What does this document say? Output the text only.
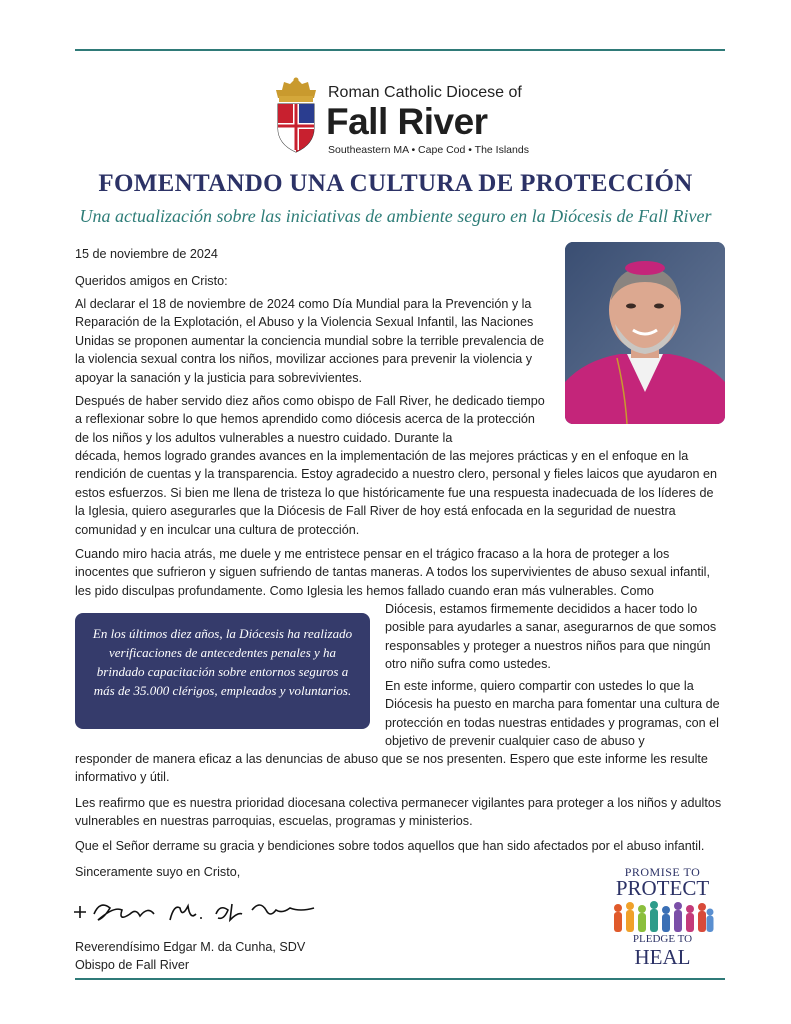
Roman Catholic Diocese of
Fall River
Southeastern MA • Cape Cod • The Islands
FOMENTANDO UNA CULTURA DE PROTECCIÓN

Una actualización sobre las iniciativas de ambiente seguro en la Diócesis de Fall River

15 de noviembre de 2024
Queridos amigos en Cristo:
Al declarar el 18 de noviembre de 2024 como Día Mundial para la Prevención y la Reparación de la Explotación, el Abuso y la Violencia Sexual Infantil, las Naciones Unidas se proponen aumentar la conciencia mundial sobre la terrible prevalencia de la violencia sexual contra los niños, movilizar acciones para prevenir la violencia y apoyar la sanación y la justicia para sobrevivientes.
Después de haber servido diez años como obispo de Fall River, he dedicado tiempo a reflexionar sobre lo que hemos aprendido como diócesis acerca de la protección de los niños y los adultos vulnerables a nuestro cuidado. Durante la
década, hemos logrado grandes avances en la implementación de las mejores prácticas y en el enfoque en la rendición de cuentas y la transparencia. Estoy agradecido a nuestro clero, personal y fieles laicos que ayudaron en estos esfuerzos. Si bien me llena de tristeza lo que históricamente fue una respuesta inadecuada de los líderes de la Iglesia, quiero asegurarles que la Diócesis de Fall River de hoy está enfocada en la seguridad de nuestra comunidad y en inculcar una cultura de protección.
Cuando miro hacia atrás, me duele y me entristece pensar en el trágico fracaso a la hora de proteger a los inocentes que sufrieron y siguen sufriendo de tantas maneras. A todos los supervivientes de abuso sexual infantil, les pido disculpas profundamente. Como Iglesia les hemos fallado cuando eran más vulnerables. Como
En los últimos diez años, la Diócesis ha realizado verificaciones de antecedentes penales y ha brindado capacitación sobre entornos seguros a más de 35.000 clérigos, empleados y voluntarios.
Diócesis, estamos firmemente decididos a hacer todo lo posible para ayudarles a sanar, asegurarnos de que somos responsables y proteger a nuestros niños para que ningún otro niño sufra como ustedes.
En este informe, quiero compartir con ustedes lo que la Diócesis ha puesto en marcha para fomentar una cultura de protección en todas nuestras entidades y programas, con el objetivo de prevenir cualquier caso de abuso y
responder de manera eficaz a las denuncias de abuso que se nos presenten. Espero que este informe les resulte informativo y útil.
Les reafirmo que es nuestra prioridad diocesana colectiva permanecer vigilantes para proteger a los niños y adultos vulnerables en nuestras parroquias, escuelas, programas y ministerios.
Que el Señor derrame su gracia y bendiciones sobre todos aquellos que han sido afectados por el abuso infantil.
Sinceramente suyo en Cristo,
Reverendísimo Edgar M. da Cunha, SDV
Obispo de Fall River
PROMISE TO
PROTECT
PLEDGE TO
HEAL
